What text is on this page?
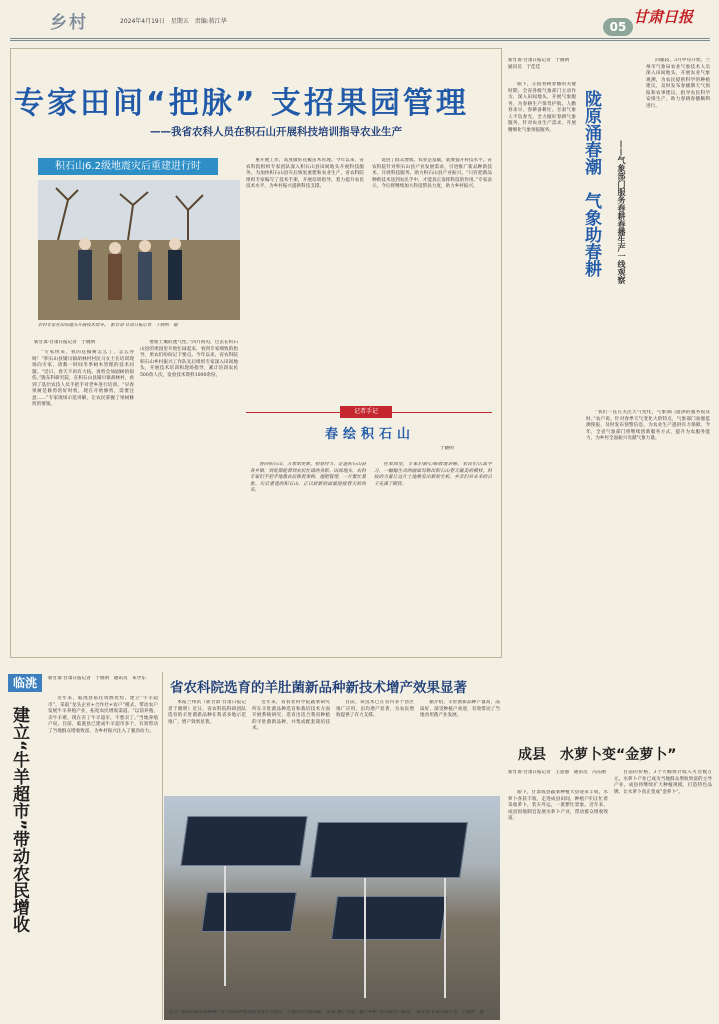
乡村	2024年4月19日　星期五　责编:蒋江华	05
甘肃日报
专家田间“把脉” 支招果园管理
——我省农科人员在积石山开展科技培训指导农业生产
积石山6.2级地震灾后重建进行时
农科专家在田间地头开展技术指导。　新甘肃·甘肃日报记者　于晓明　摄
新甘肃·甘肃日报记者　于晓明

“专家快来，我的花椒树怎么了，怎么办呀！”积石山县铺川镇胡林村村民马女士在培训现场向专家，请教一时间冬季树木管理的技术问题。“近日，春天不再有大枝，再剪会加剧树的损伤。”陇东科研究院，在积石山县铺川镇胡林村，看到了基层农技人员手把手对老乡进行培训。“早春果树是修剪的好时机，现在开始修剪，需要注意……”专家现场示范讲解，让农民掌握了果树修剪的要领。

增加土壤的透气性。”四月初旬，过去在积石山县的果园里开始忙碌起来，看到专家细致的指导，果农们纷纷记下要点。今年以来，省农科院积石山乡村振兴工作队先后组织专家深入田间地头，开展技术培训和现场指导，累计培训农民500余人次，发放技术资料1000余份。

重开展工作，高度做好花椒苗木管理。今年以来，省农科院组织专家团队深入积石山县田间地头开展科技服务。为加快积石山县灾后恢复重建和农业生产，省农科院组织专家编写了技术手册，开展培训指导，着力提升农民技术水平，为乡村振兴提供科技支撑。

促进了群众增收。农业是基础，就要提升科技水平。省农科院针对积石山县产业发展需求，引进推广新品种新技术，开展科技服务，助力积石山县产业振兴。“只有把新品种新技术送到农民手中，才能真正发挥科技的作用。”专家表示，今后将继续加大科技帮扶力度，助力乡村振兴。

记者手记
春绘积石山
于晓明

春回积石山，万象始更新。初春时节，走进积石山县各乡镇，到处都能看到农民忙碌的身影。田间地头，农科专家们手把手地教农民修剪果树、施肥管理，一片繁忙景象。灾后重建的积石山，正以崭新的面貌迎接春天的到来。

在果园里，专家们耐心细致地讲解，农民们认真学习，一幅幅生动的画面勾勒出积石山春天最美的模样。科技的力量让这片土地焕发出新的生机，乡亲们对未来的日子充满了期待。

新甘肃·甘肃日报记者　于晓明　通讯员　于佳佳
陇原涌春潮　气象助春耕 ——气象部门服务春耕春播生产一线观察

眼下，正值春耕春播的关键时期，全省各级气象部门主动作为，深入田间地头，开展气象服务，为春耕生产保驾护航。人勤春来早，春耕备耕忙。甘肃气象人不负春光，全力做好春耕气象服务，针对农业生产需求，开展精细化气象预报服务。

回暖较。3月中旬开始，兰州市气象局农业气象技术人员深入田间地头，开展农业气象观测，为农民提供科学的种植建议，及时发布春播期天气预报和农事建议，指导农民科学安排生产，助力春耕春播顺利进行。

“我们一直在关注天气变化，气象部门提供的服务很及时。”农户说。针对春季天气变化大的特点，气象部门加强监测预报，及时发布预警信息，为农业生产提供有力保障。今年，全省气象部门将继续创新服务方式，提升为农服务能力，为乡村全面振兴贡献气象力量。

临洮
建立“牛羊超市”带动农民增收
新甘肃·甘肃日报记者　于晓明　通讯员　朱学东

近年来，临洮县依托资源优势，建立“牛羊超市”，采取“龙头企业+合作社+农户”模式，带动农户发展牛羊养殖产业，拓宽农民增收渠道。“以前养殖，卖牛羊难，现在有了牛羊超市，不愁卖了。”当地养殖户说。目前，临洮县已建成牛羊超市多个，有效带动了当地群众增收致富，为乡村振兴注入了强劲动力。

省农科院选育的羊肚菌新品种新技术增产效果显著

本报兰州讯（新甘肃·甘肃日报记者于晓明）近日，省农科院科研团队选育的羊肚菌新品种在我省多地示范推广，增产效果显著。

近年来，省农业科学院蔬菜研究所在羊肚菌品种选育和栽培技术方面开展系统研究，选育出适合我省种植的羊肚菌新品种，并集成配套栽培技术。

目前，该技术已在省内多个县区推广应用，亩均增产显著，为农民增收提供了有力支撑。

据介绍，羊肚菌新品种产量高、品质好，深受种植户欢迎，有效带动了当地食用菌产业发展。

近日，临泽县新华镇种植户在羊肚菌种植基地查看长势情况，大棚与光伏板搭配，形成“棚上发电、棚下种植”的立体生产模式。　新甘肃·甘肃日报记者　于晓明　摄
成县　水萝卜变“金萝卜”
新甘肃·甘肃日报记者　王思愚　通讯员　冯东刚

眼下，甘肃成县蔬菜种植大县迎来丰收，水萝卜喜获丰收。走进成县田间，种植户们正忙着采收萝卜，装车外运，一派繁忙景象。近年来，成县因地制宜发展水萝卜产业，带动群众增收致富。

目前的价格，3个大棚预计收入可达数万元。水萝卜产业已成为当地群众增收致富的主导产业，成县将继续扩大种植规模，打造特色品牌，让水萝卜真正变成“金萝卜”。
